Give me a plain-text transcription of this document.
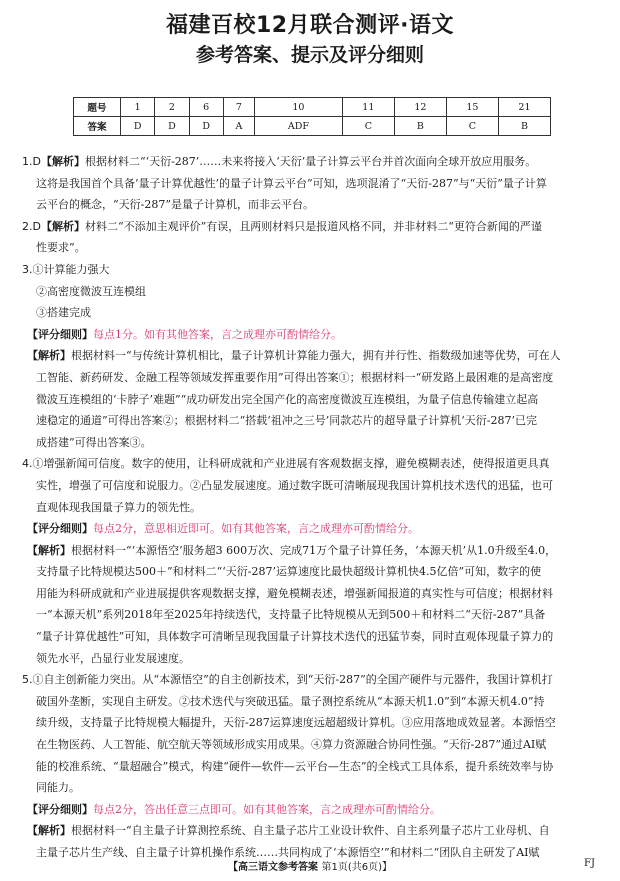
福建百校12月联合测评·语文
参考答案、提示及评分细则
题号	1	2	6	7	10	11	12	15	21
答案	D	D	D	A	ADF	C	B	C	B

1.D【解析】根据材料二“‘天衍-287’……未来将接入‘天衍’量子计算云平台并首次面向全球开放应用服务。

这将是我国首个具备‘量子计算优越性’的量子计算云平台”可知，选项混淆了“天衍-287”与“天衍”量子计算

云平台的概念，“天衍-287”是量子计算机，而非云平台。

2.D【解析】材料二“不添加主观评价”有误，且两则材料只是报道风格不同，并非材料二“更符合新闻的严谨

性要求”。

3.①计算能力强大

②高密度微波互连模组

③搭建完成

【评分细则】每点1分。如有其他答案，言之成理亦可酌情给分。

【解析】根据材料一“与传统计算机相比，量子计算机计算能力强大，拥有并行性、指数级加速等优势，可在人

工智能、新药研发、金融工程等领域发挥重要作用”可得出答案①；根据材料一“研发路上最困难的是高密度

微波互连模组的‘卡脖子’难题”“成功研发出完全国产化的高密度微波互连模组，为量子信息传输建立起高

速稳定的通道”可得出答案②；根据材料二“搭载‘祖冲之三号’同款芯片的超导量子计算机‘天衍-287’已完

成搭建”可得出答案③。

4.①增强新闻可信度。数字的使用，让科研成就和产业进展有客观数据支撑，避免模糊表述，使得报道更具真

实性，增强了可信度和说服力。②凸显发展速度。通过数字既可清晰展现我国计算机技术迭代的迅猛，也可

直观体现我国量子算力的领先性。

【评分细则】每点2分，意思相近即可。如有其他答案，言之成理亦可酌情给分。

【解析】根据材料一“‘本源悟空’服务超3 600万次、完成71万个量子计算任务，‘本源天机’从1.0升级至4.0，

支持量子比特规模达500＋”和材料二“‘天衍-287’运算速度比最快超级计算机快4.5亿倍”可知，数字的使

用能为科研成就和产业进展提供客观数据支撑，避免模糊表述，增强新闻报道的真实性与可信度；根据材料

一“本源天机”系列2018年至2025年持续迭代，支持量子比特规模从无到500＋和材料二“天衍-287”具备

“量子计算优越性”可知，具体数字可清晰呈现我国量子计算技术迭代的迅猛节奏，同时直观体现量子算力的

领先水平，凸显行业发展速度。

5.①自主创新能力突出。从“本源悟空”的自主创新技术，到“天衍-287”的全国产硬件与元器件，我国计算机打

破国外垄断，实现自主研发。②技术迭代与突破迅猛。量子测控系统从“本源天机1.0”到“本源天机4.0”持

续升级，支持量子比特规模大幅提升，天衍-287运算速度远超超级计算机。③应用落地成效显著。本源悟空

在生物医药、人工智能、航空航天等领域形成实用成果。④算力资源融合协同性强。“天衍-287”通过AI赋

能的校准系统、“量超融合”模式，构建“硬件—软件—云平台—生态”的全栈式工具体系，提升系统效率与协

同能力。

【评分细则】每点2分，答出任意三点即可。如有其他答案，言之成理亦可酌情给分。

【解析】根据材料一“自主量子计算测控系统、自主量子芯片工业设计软件、自主系列量子芯片工业母机、自

主量子芯片生产线、自主量子计算机操作系统……共同构成了‘本源悟空’”和材料二“团队自主研发了AI赋

【高三语文参考答案 第1页(共6页)】	FJ
